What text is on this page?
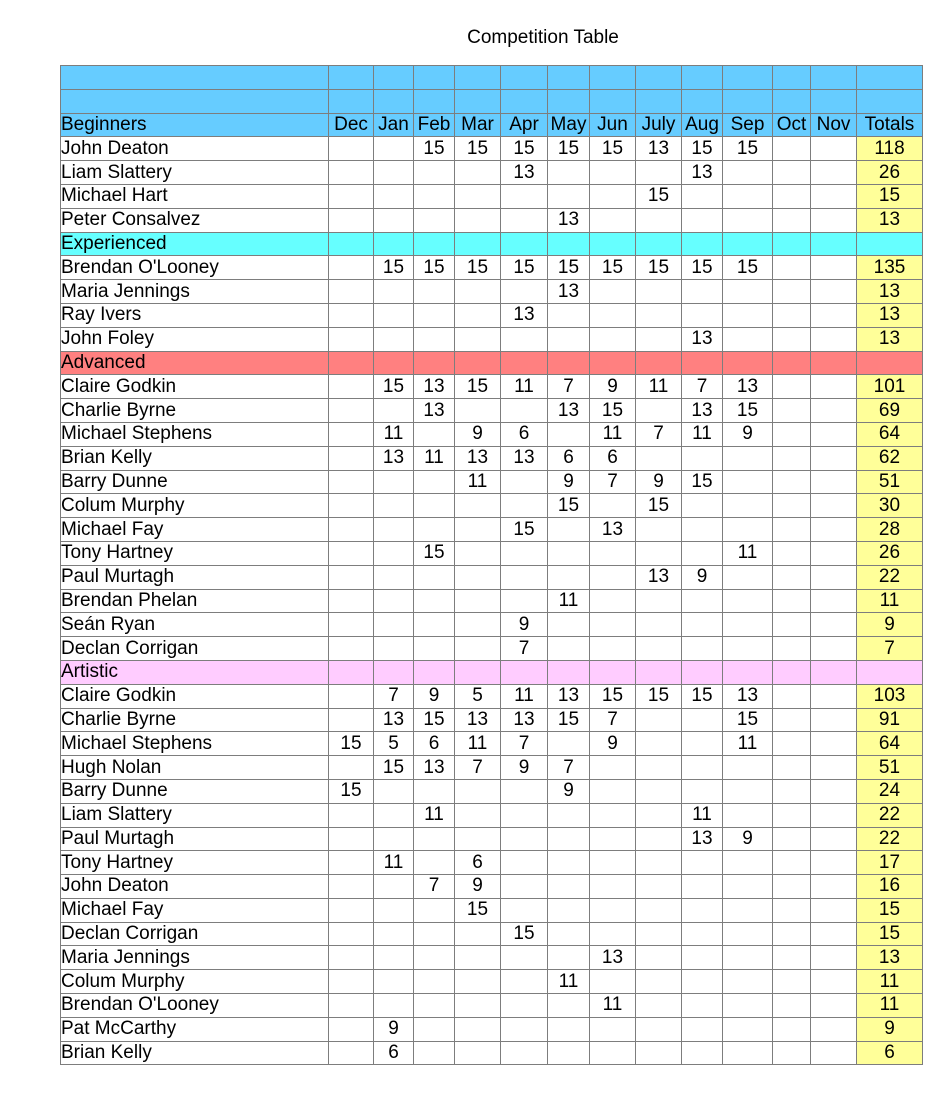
Competition Table

Beginners	Dec	Jan	Feb	Mar	Apr	May	Jun	July	Aug	Sep	Oct	Nov	Totals
John Deaton			15	15	15	15	15	13	15	15			118
Liam Slattery					13				13				26
Michael Hart								15					15
Peter Consalvez						13							13
Experienced													
Brendan O'Looney		15	15	15	15	15	15	15	15	15			135
Maria Jennings						13							13
Ray Ivers					13								13
John Foley									13				13
Advanced													
Claire Godkin		15	13	15	11	7	9	11	7	13			101
Charlie Byrne			13			13	15		13	15			69
Michael Stephens		11		9	6		11	7	11	9			64
Brian Kelly		13	11	13	13	6	6						62
Barry Dunne				11		9	7	9	15				51
Colum Murphy						15		15					30
Michael Fay					15		13						28
Tony Hartney			15							11			26
Paul Murtagh								13	9				22
Brendan Phelan						11							11
Seán Ryan					9								9
Declan Corrigan					7								7
Artistic													
Claire Godkin		7	9	5	11	13	15	15	15	13			103
Charlie Byrne		13	15	13	13	15	7			15			91
Michael Stephens	15	5	6	11	7		9			11			64
Hugh Nolan		15	13	7	9	7							51
Barry Dunne	15					9							24
Liam Slattery			11						11				22
Paul Murtagh									13	9			22
Tony Hartney		11		6									17
John Deaton			7	9									16
Michael Fay				15									15
Declan Corrigan					15								15
Maria Jennings							13						13
Colum Murphy						11							11
Brendan O'Looney							11						11
Pat McCarthy		9											9
Brian Kelly		6											6
